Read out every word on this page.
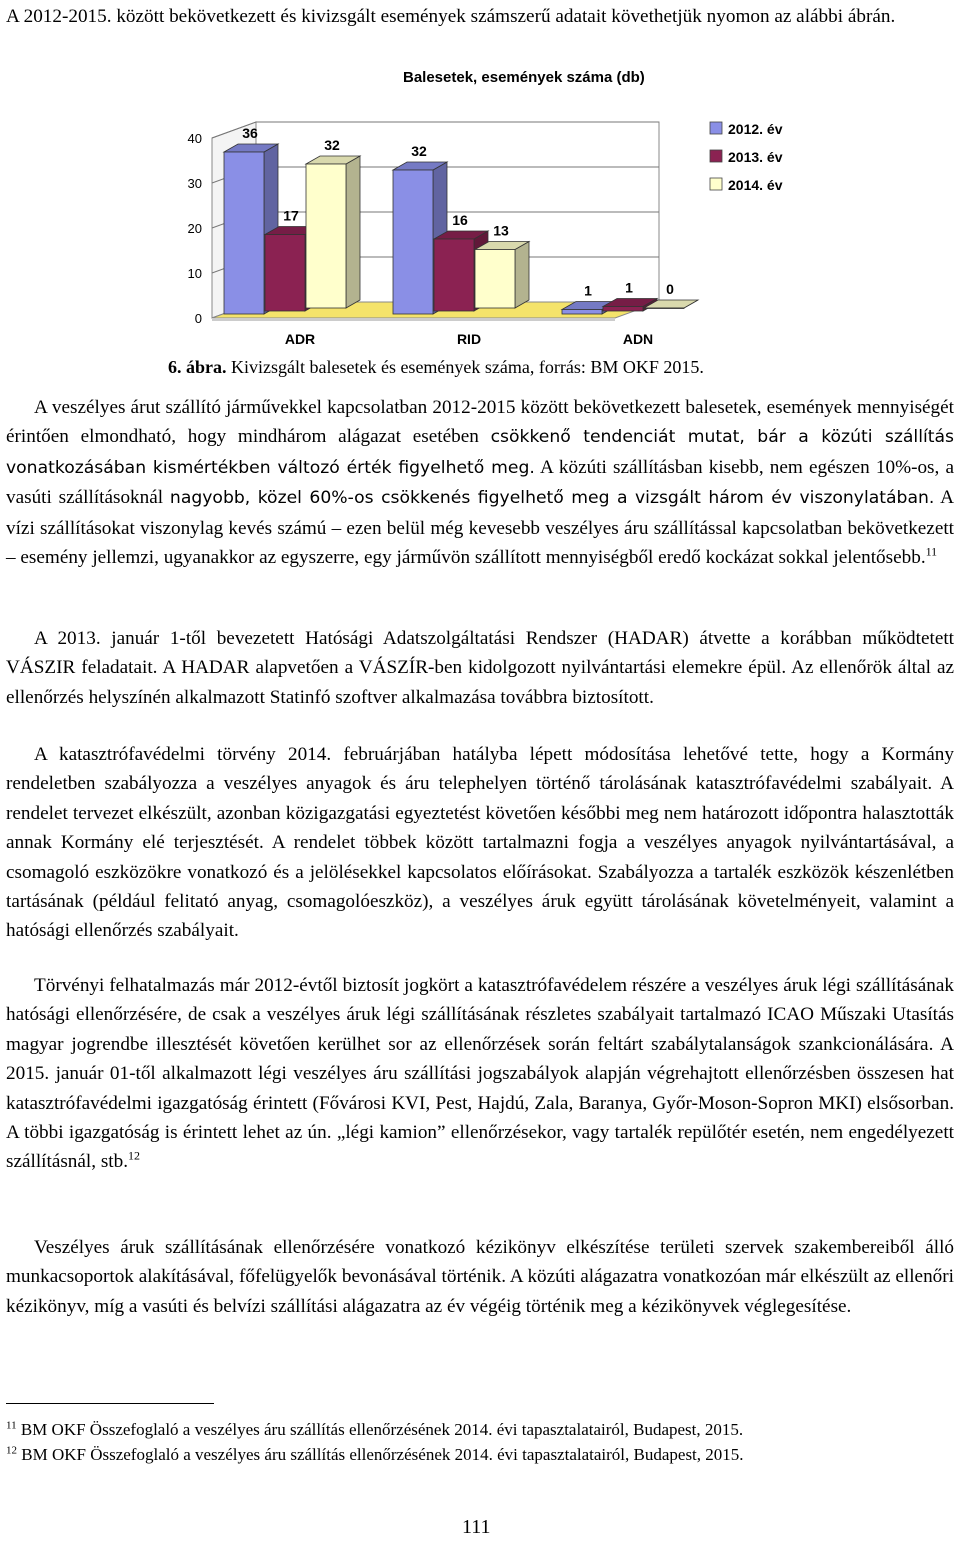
A 2012-2015. között bekövetkezett és kivizsgált események számszerű adatait követhetjük nyomon az alábbi ábrán.

Balesetek, események száma (db)
0
10
20
30
40	36
17
32
ADR
32
16
13
RID
1 1 0
ADN
2012. év
2013. év
2014. év
6. ábra. Kivizsgált balesetek és események száma, forrás: BM OKF 2015.

A veszélyes árut szállító járművekkel kapcsolatban 2012-2015 között bekövetkezett balesetek, események mennyiségét érintően elmondható, hogy mindhárom alágazat esetében csökkenő tendenciát mutat, bár a közúti szállítás vonatkozásában kismértékben változó érték figyelhető meg. A közúti szállításban kisebb, nem egészen 10%-os, a vasúti szállításoknál nagyobb, közel 60%-os csökkenés figyelhető meg a vizsgált három év viszonylatában. A vízi szállításokat viszonylag kevés számú – ezen belül még kevesebb veszélyes áru szállítással kapcsolatban bekövetkezett – esemény jellemzi, ugyanakkor az egyszerre, egy járművön szállított mennyiségből eredő kockázat sokkal jelentősebb.$^{11}$

A 2013. január 1-től bevezetett Hatósági Adatszolgáltatási Rendszer (HADAR) átvette a korábban működtetett VÁSZIR feladatait. A HADAR alapvetően a VÁSZÍR-ben kidolgozott nyilvántartási elemekre épül. Az ellenőrök által az ellenőrzés helyszínén alkalmazott Statinfó szoftver alkalmazása továbbra biztosított.

A katasztrófavédelmi törvény 2014. februárjában hatályba lépett módosítása lehetővé tette, hogy a Kormány rendeletben szabályozza a veszélyes anyagok és áru telephelyen történő tárolásának katasztrófavédelmi szabályait. A rendelet tervezet elkészült, azonban közigazgatási egyeztetést követően későbbi meg nem határozott időpontra halasztották annak Kormány elé terjesztését. A rendelet többek között tartalmazni fogja a veszélyes anyagok nyilvántartásával, a csomagoló eszközökre vonatkozó és a jelölésekkel kapcsolatos előírásokat. Szabályozza a tartalék eszközök készenlétben tartásának (például felitató anyag, csomagolóeszköz), a veszélyes áruk együtt tárolásának követelményeit, valamint a hatósági ellenőrzés szabályait.

Törvényi felhatalmazás már 2012-évtől biztosít jogkört a katasztrófavédelem részére a veszélyes áruk légi szállításának hatósági ellenőrzésére, de csak a veszélyes áruk légi szállításának részletes szabályait tartalmazó ICAO Műszaki Utasítás magyar jogrendbe illesztését követően kerülhet sor az ellenőrzések során feltárt szabálytalanságok szankcionálására. A 2015. január 01-től alkalmazott légi veszélyes áru szállítási jogszabályok alapján végrehajtott ellenőrzésben összesen hat katasztrófavédelmi igazgatóság érintett (Fővárosi KVI, Pest, Hajdú, Zala, Baranya, Győr-Moson-Sopron MKI) elsősorban. A többi igazgatóság is érintett lehet az ún. „légi kamion” ellenőrzésekor, vagy tartalék repülőtér esetén, nem engedélyezett szállításnál, stb.$^{12}$

Veszélyes áruk szállításának ellenőrzésére vonatkozó kézikönyv elkészítése területi szervek szakembereiből álló munkacsoportok alakításával, főfelügyelők bevonásával történik. A közúti alágazatra vonatkozóan már elkészült az ellenőri kézikönyv, míg a vasúti és belvízi szállítási alágazatra az év végéig történik meg a kézikönyvek véglegesítése.

$^{11}$ BM OKF Összefoglaló a veszélyes áru szállítás ellenőrzésének 2014. évi tapasztalatairól, Budapest, 2015.
$^{12}$ BM OKF Összefoglaló a veszélyes áru szállítás ellenőrzésének 2014. évi tapasztalatairól, Budapest, 2015.
111
